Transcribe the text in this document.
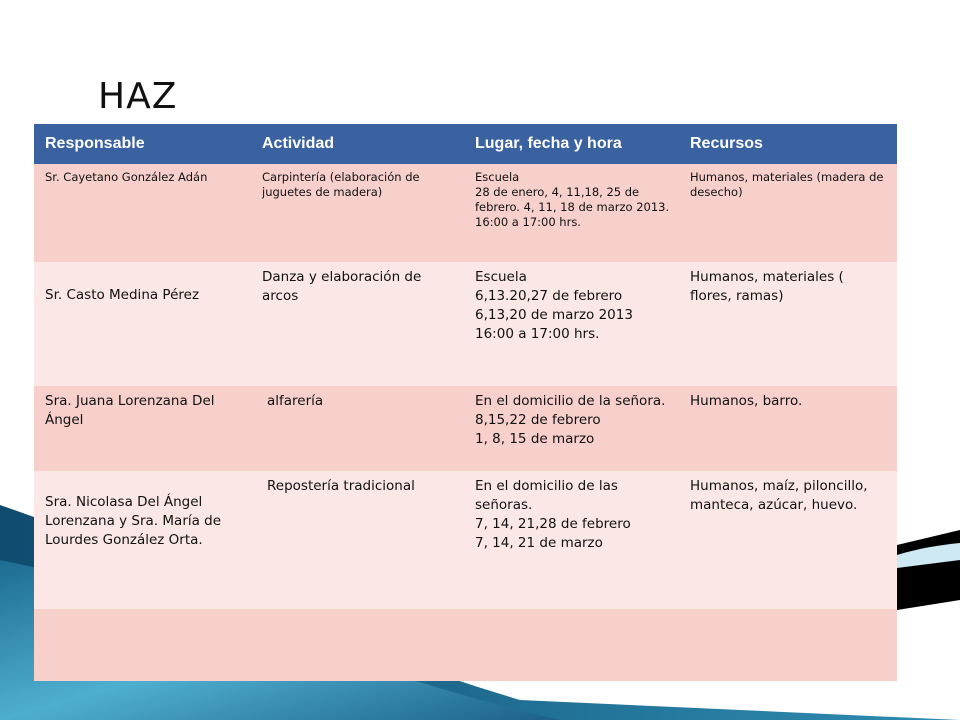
HAZ
Responsable	Actividad	Lugar, fecha y hora	Recursos
Sr. Cayetano González Adán	Carpintería (elaboración de juguetes de madera)	Escuela
28 de enero, 4, 11,18, 25 de febrero. 4, 11, 18 de marzo 2013.
16:00 a 17:00 hrs.	Humanos, materiales (madera de desecho)
Sr. Casto Medina Pérez	Danza y elaboración de arcos	Escuela
6,13.20,27 de febrero
6,13,20 de marzo 2013
16:00 a 17:00 hrs.	Humanos, materiales ( flores, ramas)
Sra. Juana Lorenzana Del Ángel	alfarería	En el domicilio de la señora.
8,15,22 de febrero
1, 8, 15 de marzo	Humanos, barro.
Sra. Nicolasa Del Ángel Lorenzana y Sra. María de Lourdes González Orta.	Repostería tradicional	En el domicilio de las señoras.
7, 14, 21,28 de febrero
7, 14, 21 de marzo	Humanos, maíz, piloncillo, manteca, azúcar, huevo.
